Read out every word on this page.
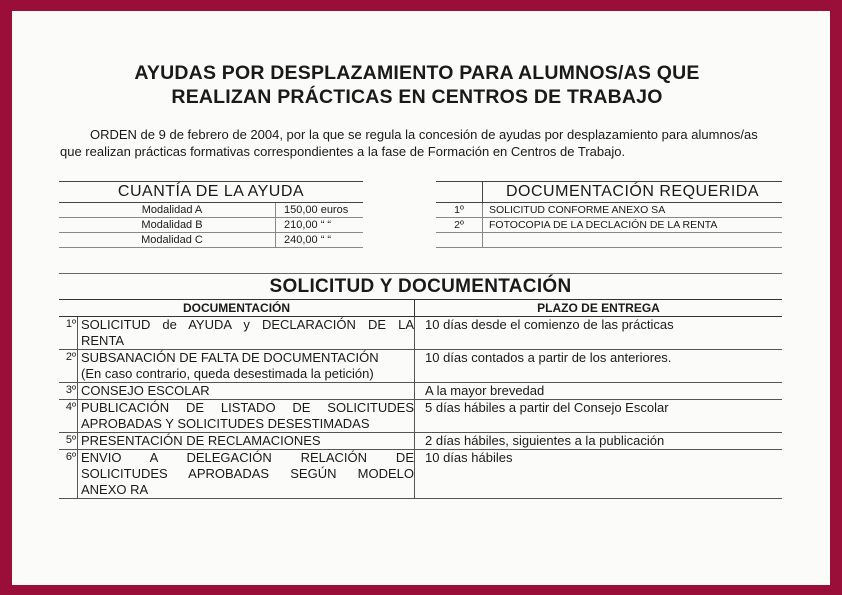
AYUDAS POR DESPLAZAMIENTO PARA ALUMNOS/AS QUE
REALIZAN PRÁCTICAS EN CENTROS DE TRABAJO
ORDEN de 9 de febrero de 2004, por la que se regula la concesión de ayudas por desplazamiento para alumnos/as que realizan prácticas formativas correspondientes a la fase de Formación en Centros de Trabajo.
CUANTÍA DE LA AYUDA
Modalidad A	150,00 euros
Modalidad B	210,00 “ “
Modalidad C	240,00 “ “
DOCUMENTACIÓN REQUERIDA
1º	SOLICITUD CONFORME ANEXO SA
2º	FOTOCOPIA DE LA DECLACIÓN DE LA RENTA
SOLICITUD Y DOCUMENTACIÓN
DOCUMENTACIÓN		PLAZO DE ENTREGA
1º	SOLICITUD de AYUDA y DECLARACIÓN DE LA
RENTA	10 días desde el comienzo de las prácticas
2º	SUBSANACIÓN DE FALTA DE DOCUMENTACIÓN
(En caso contrario, queda desestimada la petición)	10 días contados a partir de los anteriores.
3º	CONSEJO ESCOLAR	A la mayor brevedad
4º	PUBLICACIÓN DE LISTADO DE SOLICITUDES
APROBADAS Y SOLICITUDES DESESTIMADAS	5 días hábiles a partir del Consejo Escolar
5º	PRESENTACIÓN DE RECLAMACIONES	2 días hábiles, siguientes a la publicación
6º	ENVIO A DELEGACIÓN RELACIÓN DE
SOLICITUDES APROBADAS SEGÚN MODELO
ANEXO RA	10 días hábiles
